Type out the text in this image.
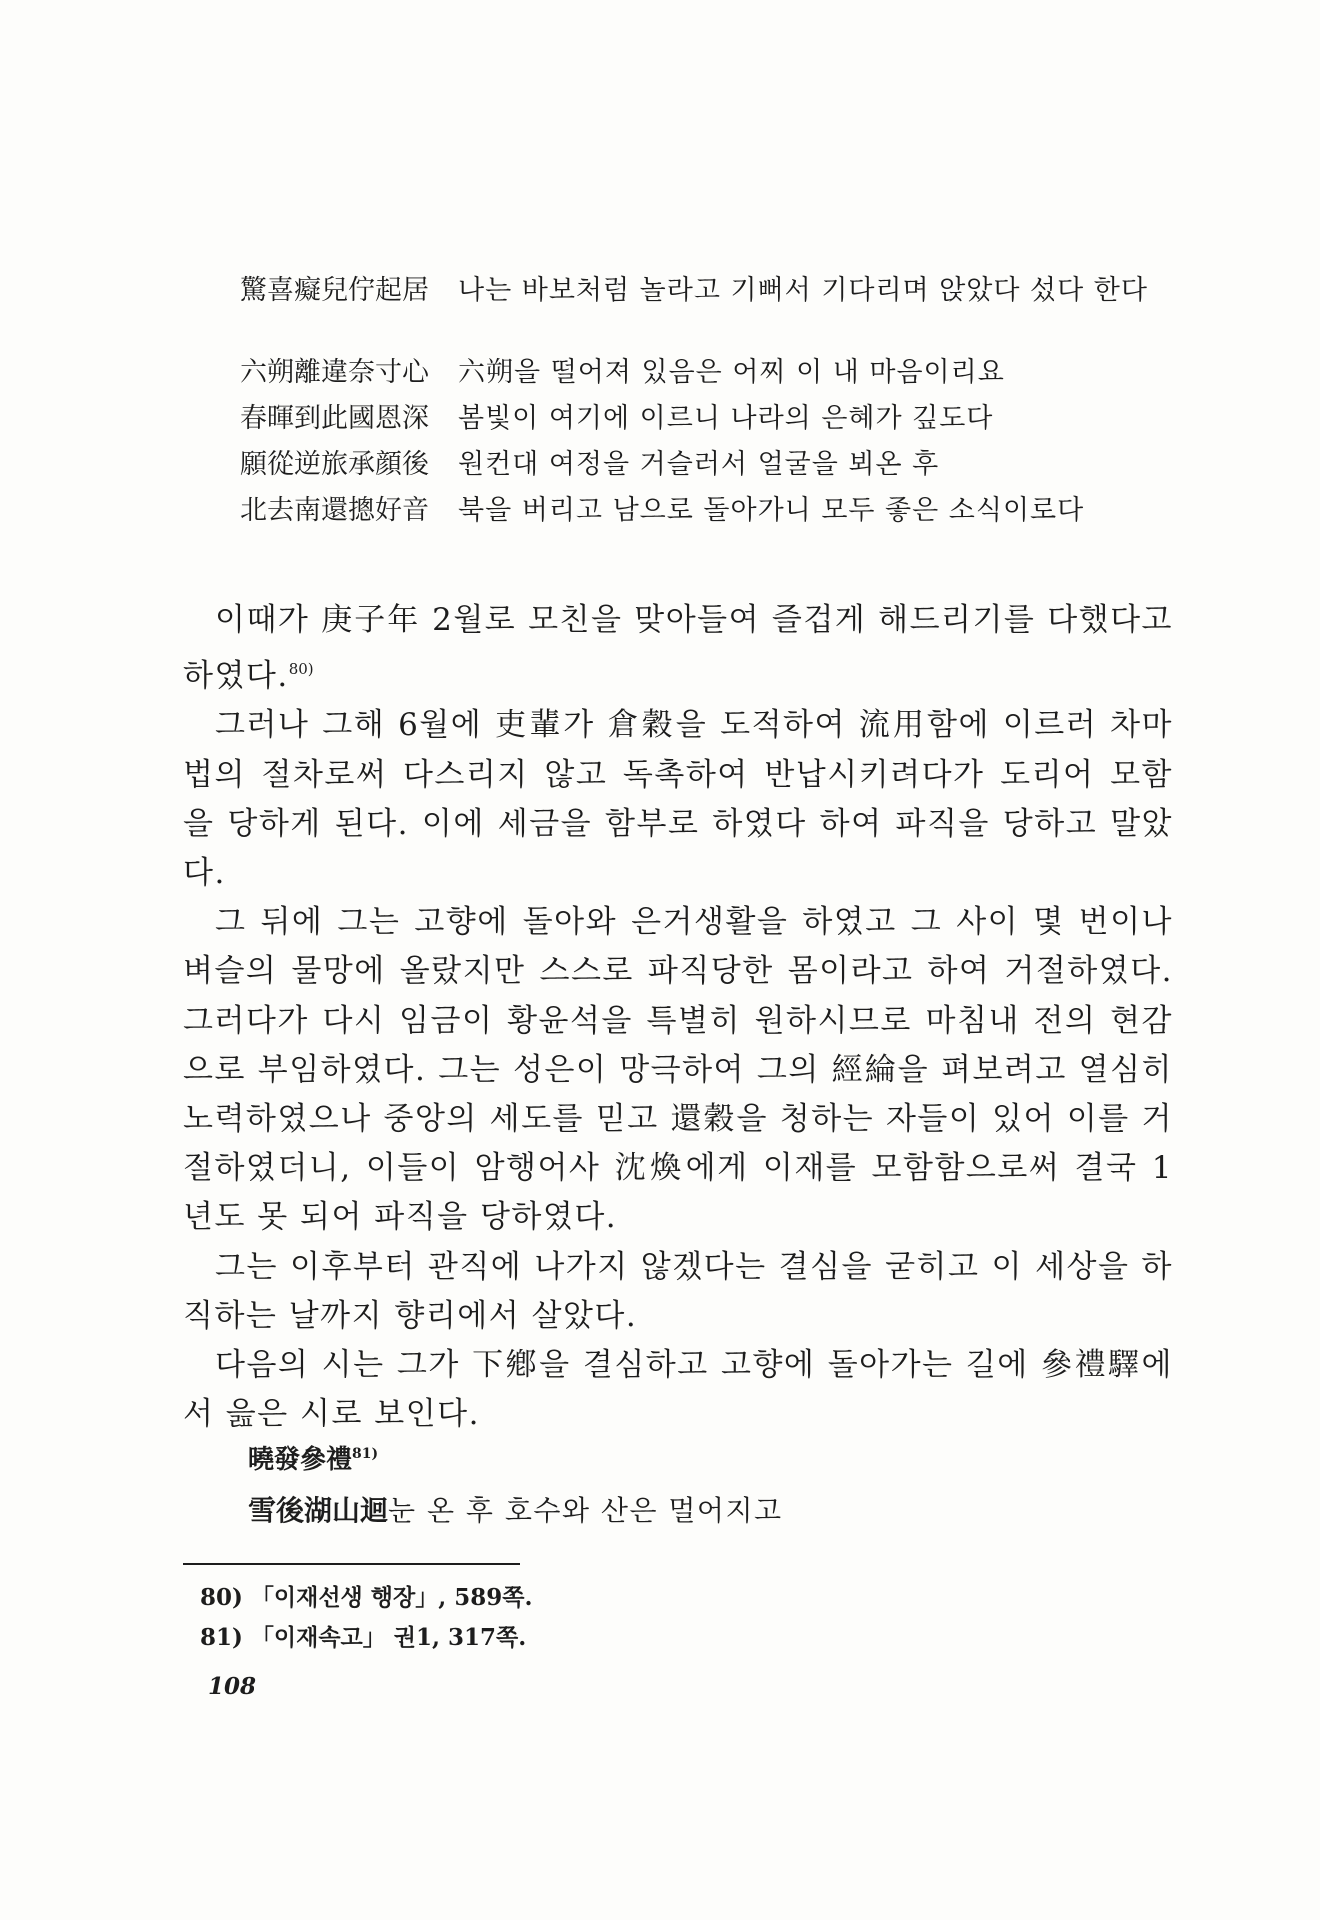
驚喜癡兒佇起居	나는 바보처럼 놀라고 기뻐서 기다리며 앉았다 섰다 한다
六朔離違奈寸心	六朔을 떨어져 있음은 어찌 이 내 마음이리요
春暉到此國恩深	봄빛이 여기에 이르니 나라의 은혜가 깊도다
願從逆旅承顔後	원컨대 여정을 거슬러서 얼굴을 뵈온 후
北去南還摠好音	북을 버리고 남으로 돌아가니 모두 좋은 소식이로다

이때가 庚子年 2월로 모친을 맞아들여 즐겁게 해드리기를 다했다고 하였다.$^{80)}$

그러나 그해 6월에 吏輩가 倉穀을 도적하여 流用함에 이르러 차마 법의 절차로써 다스리지 않고 독촉하여 반납시키려다가 도리어 모함을 당하게 된다. 이에 세금을 함부로 하였다 하여 파직을 당하고 말았다.

그 뒤에 그는 고향에 돌아와 은거생활을 하였고 그 사이 몇 번이나 벼슬의 물망에 올랐지만 스스로 파직당한 몸이라고 하여 거절하였다. 그러다가 다시 임금이 황윤석을 특별히 원하시므로 마침내 전의 현감으로 부임하였다. 그는 성은이 망극하여 그의 經綸을 펴보려고 열심히 노력하였으나 중앙의 세도를 믿고 還穀을 청하는 자들이 있어 이를 거절하였더니, 이들이 암행어사 沈煥에게 이재를 모함함으로써 결국 1년도 못 되어 파직을 당하였다.

그는 이후부터 관직에 나가지 않겠다는 결심을 굳히고 이 세상을 하직하는 날까지 향리에서 살았다.

다음의 시는 그가 下鄕을 결심하고 고향에 돌아가는 길에 參禮驛에서 읊은 시로 보인다.

曉發參禮$^{81)}$
雪後湖山迴 눈 온 후 호수와 산은 멀어지고
80) 「이재선생 행장」, 589쪽.
81) 「이재속고」 권1, 317쪽.
108
